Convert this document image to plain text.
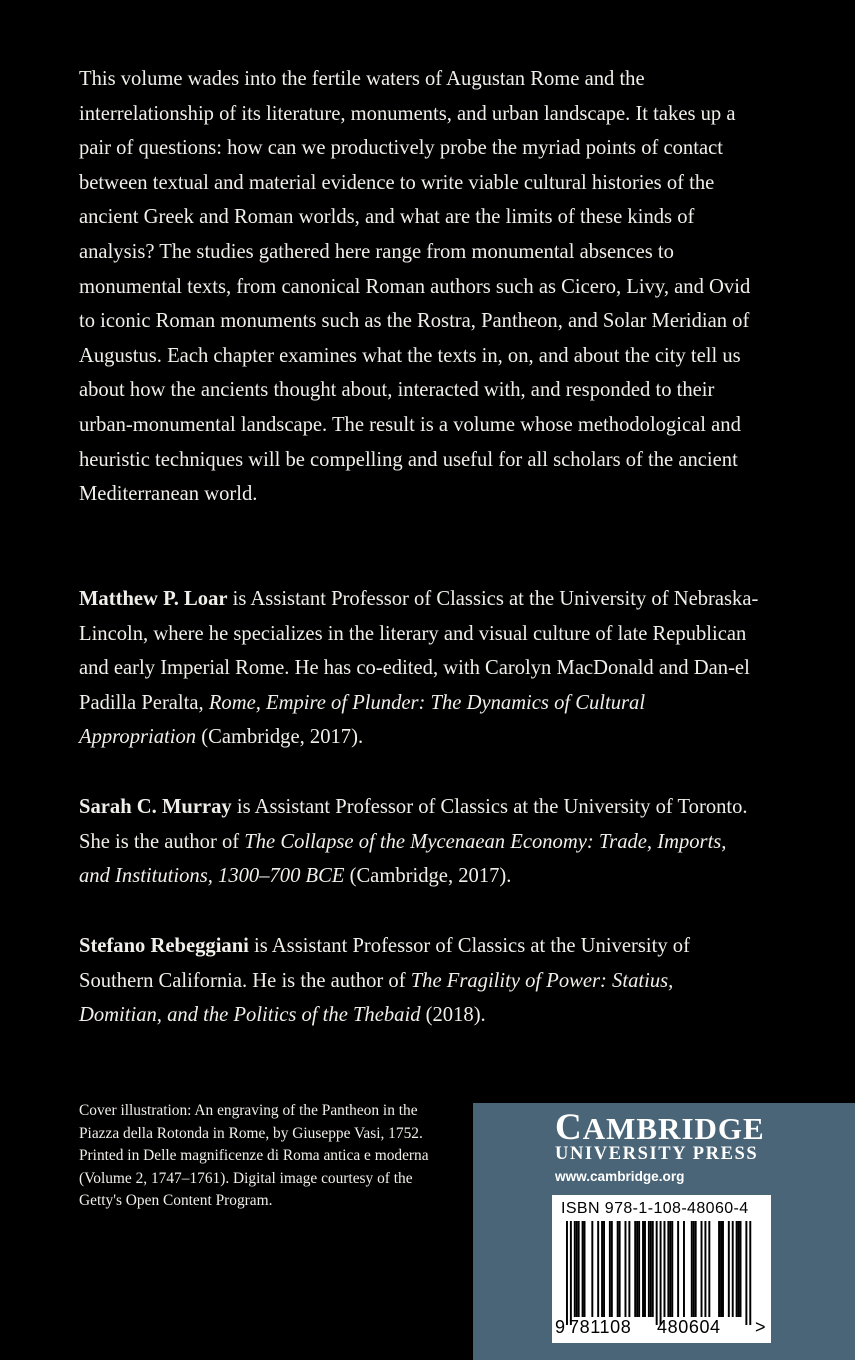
This volume wades into the fertile waters of Augustan Rome and the interrelationship of its literature, monuments, and urban landscape. It takes up a pair of questions: how can we productively probe the myriad points of contact between textual and material evidence to write viable cultural histories of the ancient Greek and Roman worlds, and what are the limits of these kinds of analysis? The studies gathered here range from monumental absences to monumental texts, from canonical Roman authors such as Cicero, Livy, and Ovid to iconic Roman monuments such as the Rostra, Pantheon, and Solar Meridian of Augustus. Each chapter examines what the texts in, on, and about the city tell us about how the ancients thought about, interacted with, and responded to their urban-monumental landscape. The result is a volume whose methodological and heuristic techniques will be compelling and useful for all scholars of the ancient Mediterranean world.

Matthew P. Loar is Assistant Professor of Classics at the University of Nebraska-Lincoln, where he specializes in the literary and visual culture of late Republican and early Imperial Rome. He has co-edited, with Carolyn MacDonald and Dan-el Padilla Peralta, Rome, Empire of Plunder: The Dynamics of Cultural Appropriation (Cambridge, 2017).

Sarah C. Murray is Assistant Professor of Classics at the University of Toronto. She is the author of The Collapse of the Mycenaean Economy: Trade, Imports, and Institutions, 1300–700 BCE (Cambridge, 2017).

Stefano Rebeggiani is Assistant Professor of Classics at the University of Southern California. He is the author of The Fragility of Power: Statius, Domitian, and the Politics of the Thebaid (2018).

Cover illustration: An engraving of the Pantheon in the Piazza della Rotonda in Rome, by Giuseppe Vasi, 1752. Printed in Delle magnificenze di Roma antica e moderna (Volume 2, 1747–1761). Digital image courtesy of the Getty's Open Content Program.

CAMBRIDGE
UNIVERSITY PRESS
www.cambridge.org
ISBN 978-1-108-48060-4
9 781108 480604 >
